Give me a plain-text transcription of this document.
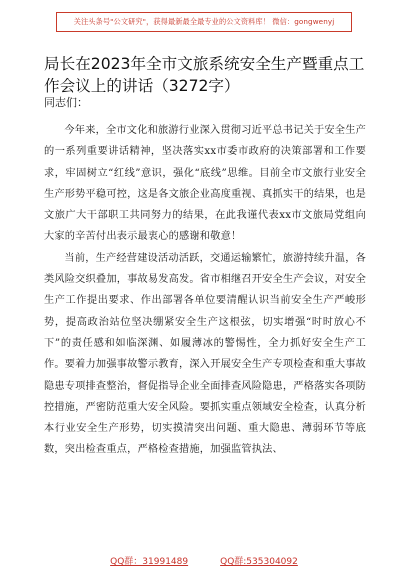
关注头条号"公文研究"，获得最新最全最专业的公文资料库！ 微信：gongwenyj
局长在2023年全市文旅系统安全生产暨重点工作会议上的讲话（3272字）

同志们：

今年来，全市文化和旅游行业深入贯彻习近平总书记关于安全生产的一系列重要讲话精神，坚决落实xx市委市政府的决策部署和工作要求，牢固树立“红线”意识，强化“底线”思维。目前全市文旅行业安全生产形势平稳可控，这是各文旅企业高度重视、真抓实干的结果，也是文旅广大干部职工共同努力的结果，在此我谨代表xx市文旅局党组向大家的辛苦付出表示最衷心的感谢和敬意！

当前，生产经营建设活动活跃，交通运输繁忙，旅游持续升温，各类风险交织叠加，事故易发高发。省市相继召开安全生产会议，对安全生产工作提出要求、作出部署各单位要清醒认识当前安全生产严峻形势，提高政治站位坚决绷紧安全生产这根弦，切实增强“时时放心不下”的责任感和如临深渊、如履薄冰的警惕性，全力抓好安全生产工作。要着力加强事故警示教育，深入开展安全生产专项检查和重大事故隐患专项排查整治，督促指导企业全面排查风险隐患，严格落实各项防控措施，严密防范重大安全风险。要抓实重点领域安全检查，认真分析本行业安全生产形势，切实摸清突出问题、重大隐患、薄弱环节等底数，突出检查重点，严格检查措施，加强监管执法、

QQ群：31991489	QQ群:535304092
